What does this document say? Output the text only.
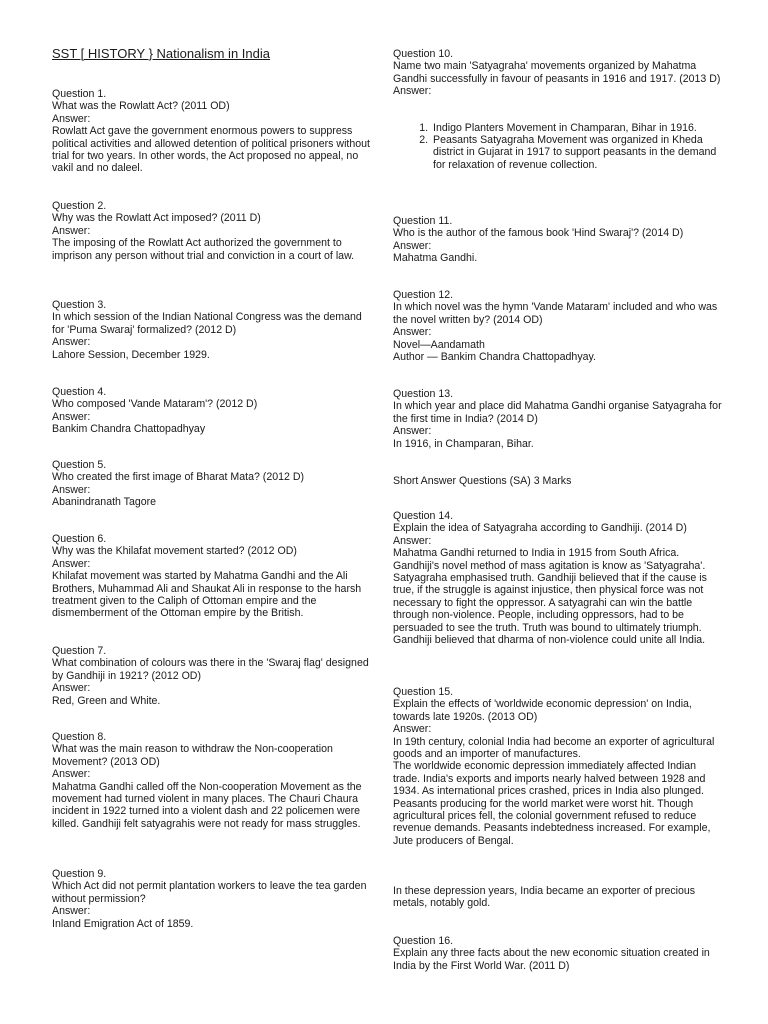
SST [ HISTORY } Nationalism in India
Question 1.
What was the Rowlatt Act? (2011 OD)
Answer:
Rowlatt Act gave the government enormous powers to suppress political activities and allowed detention of political prisoners without trial for two years. In other words, the Act proposed no appeal, no vakil and no daleel.
Question 2.
Why was the Rowlatt Act imposed? (2011 D)
Answer:
The imposing of the Rowlatt Act authorized the government to imprison any person without trial and conviction in a court of law.
Question 3.
In which session of the Indian National Congress was the demand for 'Puma Swaraj' formalized? (2012 D)
Answer:
Lahore Session, December 1929.
Question 4.
Who composed 'Vande Mataram'? (2012 D)
Answer:
Bankim Chandra Chattopadhyay
Question 5.
Who created the first image of Bharat Mata? (2012 D)
Answer:
Abanindranath Tagore
Question 6.
Why was the Khilafat movement started? (2012 OD)
Answer:
Khilafat movement was started by Mahatma Gandhi and the Ali Brothers, Muhammad Ali and Shaukat Ali in response to the harsh treatment given to the Caliph of Ottoman empire and the dismemberment of the Ottoman empire by the British.
Question 7.
What combination of colours was there in the 'Swaraj flag' designed by Gandhiji in 1921? (2012 OD)
Answer:
Red, Green and White.
Question 8.
What was the main reason to withdraw the Non-cooperation Movement? (2013 OD)
Answer:
Mahatma Gandhi called off the Non-cooperation Movement as the movement had turned violent in many places. The Chauri Chaura incident in 1922 turned into a violent dash and 22 policemen were killed. Gandhiji felt satyagrahis were not ready for mass struggles.
Question 9.
Which Act did not permit plantation workers to leave the tea garden without permission?
Answer:
Inland Emigration Act of 1859.
Question 10.
Name two main 'Satyagraha' movements organized by Mahatma Gandhi successfully in favour of peasants in 1916 and 1917. (2013 D)
Answer:
1. Indigo Planters Movement in Champaran, Bihar in 1916.
2. Peasants Satyagraha Movement was organized in Kheda district in Gujarat in 1917 to support peasants in the demand for relaxation of revenue collection.
Question 11.
Who is the author of the famous book 'Hind Swaraj'? (2014 D)
Answer:
Mahatma Gandhi.
Question 12.
In which novel was the hymn 'Vande Mataram' included and who was the novel written by? (2014 OD)
Answer:
Novel—Aandamath
Author — Bankim Chandra Chattopadhyay.
Question 13.
In which year and place did Mahatma Gandhi organise Satyagraha for the first time in India? (2014 D)
Answer:
In 1916, in Champaran, Bihar.
Short Answer Questions (SA) 3 Marks
Question 14.
Explain the idea of Satyagraha according to Gandhiji. (2014 D)
Answer:
Mahatma Gandhi returned to India in 1915 from South Africa. Gandhiji's novel method of mass agitation is know as 'Satyagraha'. Satyagraha emphasised truth. Gandhiji believed that if the cause is true, if the struggle is against injustice, then physical force was not necessary to fight the oppressor. A satyagrahi can win the battle through non-violence. People, including oppressors, had to be persuaded to see the truth. Truth was bound to ultimately triumph. Gandhiji believed that dharma of non-violence could unite all India.
Question 15.
Explain the effects of 'worldwide economic depression' on India, towards late 1920s. (2013 OD)
Answer:
In 19th century, colonial India had become an exporter of agricultural goods and an importer of manufactures.
The worldwide economic depression immediately affected Indian trade. India's exports and imports nearly halved between 1928 and 1934. As international prices crashed, prices in India also plunged. Peasants producing for the world market were worst hit. Though agricultural prices fell, the colonial government refused to reduce revenue demands. Peasants indebtedness increased. For example, Jute producers of Bengal.
In these depression years, India became an exporter of precious metals, notably gold.
Question 16.
Explain any three facts about the new economic situation created in India by the First World War. (2011 D)
